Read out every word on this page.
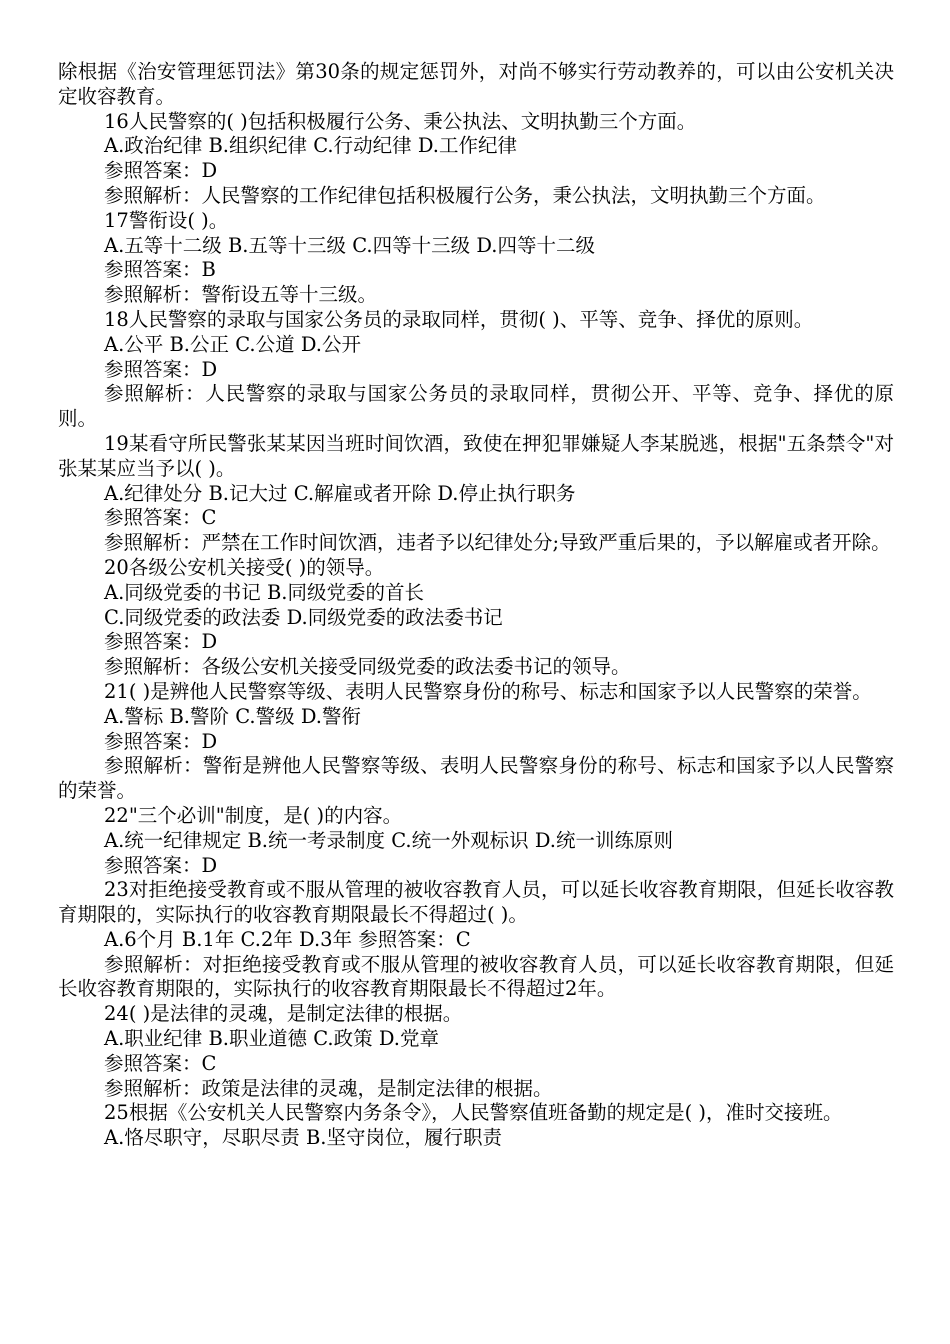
除根据《治安管理惩罚法》第30条的规定惩罚外，对尚不够实行劳动教养的，可以由公安机关决定收容教育。

16人民警察的( )包括积极履行公务、秉公执法、文明执勤三个方面。

A.政治纪律 B.组织纪律 C.行动纪律 D.工作纪律

参照答案：D

参照解析：人民警察的工作纪律包括积极履行公务，秉公执法，文明执勤三个方面。

17警衔设( )。

A.五等十二级 B.五等十三级 C.四等十三级 D.四等十二级

参照答案：B

参照解析：警衔设五等十三级。

18人民警察的录取与国家公务员的录取同样，贯彻( )、平等、竞争、择优的原则。

A.公平 B.公正 C.公道 D.公开

参照答案：D

参照解析：人民警察的录取与国家公务员的录取同样，贯彻公开、平等、竞争、择优的原则。

19某看守所民警张某某因当班时间饮酒，致使在押犯罪嫌疑人李某脱逃，根据"五条禁令"对张某某应当予以( )。

A.纪律处分 B.记大过 C.解雇或者开除 D.停止执行职务

参照答案：C

参照解析：严禁在工作时间饮酒，违者予以纪律处分;导致严重后果的，予以解雇或者开除。

20各级公安机关接受( )的领导。

A.同级党委的书记 B.同级党委的首长

C.同级党委的政法委 D.同级党委的政法委书记

参照答案：D

参照解析：各级公安机关接受同级党委的政法委书记的领导。

21( )是辨他人民警察等级、表明人民警察身份的称号、标志和国家予以人民警察的荣誉。

A.警标 B.警阶 C.警级 D.警衔

参照答案：D

参照解析：警衔是辨他人民警察等级、表明人民警察身份的称号、标志和国家予以人民警察的荣誉。

22"三个必训"制度，是( )的内容。

A.统一纪律规定 B.统一考录制度 C.统一外观标识 D.统一训练原则

参照答案：D

23对拒绝接受教育或不服从管理的被收容教育人员，可以延长收容教育期限，但延长收容教育期限的，实际执行的收容教育期限最长不得超过( )。

A.6个月 B.1年 C.2年 D.3年 参照答案：C

参照解析：对拒绝接受教育或不服从管理的被收容教育人员，可以延长收容教育期限，但延长收容教育期限的，实际执行的收容教育期限最长不得超过2年。

24( )是法律的灵魂，是制定法律的根据。

A.职业纪律 B.职业道德 C.政策 D.党章

参照答案：C

参照解析：政策是法律的灵魂，是制定法律的根据。

25根据《公安机关人民警察内务条令》，人民警察值班备勤的规定是( )，准时交接班。

A.恪尽职守，尽职尽责 B.坚守岗位，履行职责
